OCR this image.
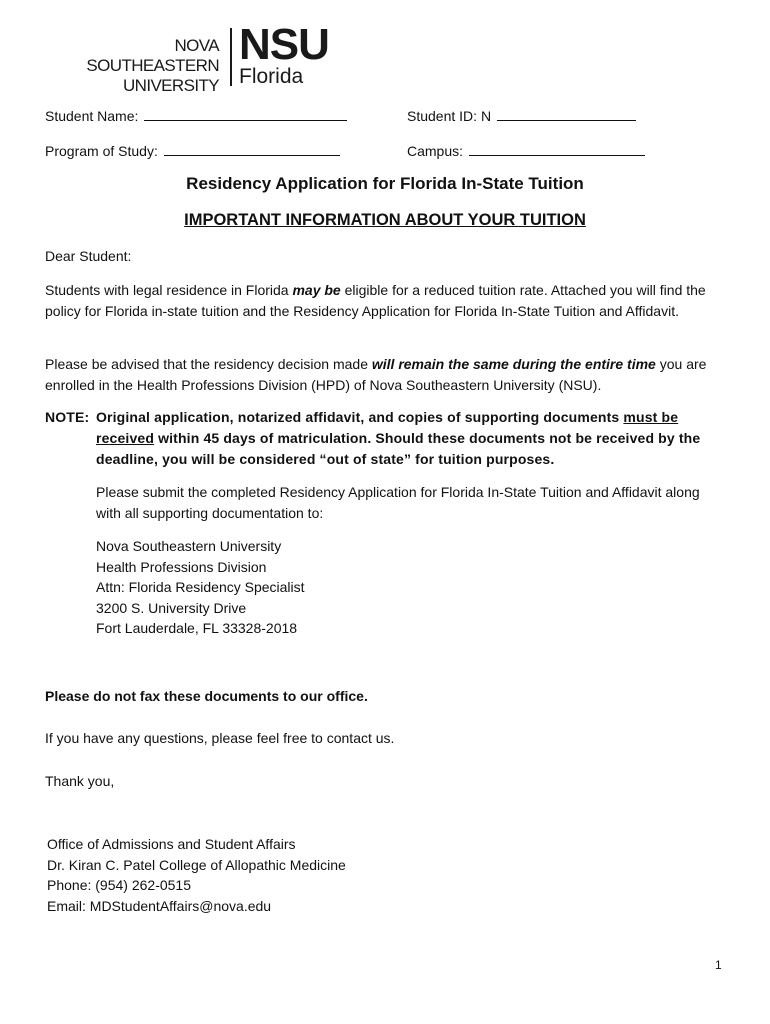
NOVA SOUTHEASTERN
UNIVERSITY
NSU
Florida
Student Name:	Student ID: N
Program of Study:	Campus:
Residency Application for Florida In-State Tuition
IMPORTANT INFORMATION ABOUT YOUR TUITION
Dear Student:
Students with legal residence in Florida may be eligible for a reduced tuition rate. Attached you will find the policy for Florida in-state tuition and the Residency Application for Florida In-State Tuition and Affidavit.
Please be advised that the residency decision made will remain the same during the entire time you are enrolled in the Health Professions Division (HPD) of Nova Southeastern University (NSU).
NOTE: Original application, notarized affidavit, and copies of supporting documents must be received within 45 days of matriculation. Should these documents not be received by the deadline, you will be considered “out of state” for tuition purposes.
Please submit the completed Residency Application for Florida In-State Tuition and Affidavit along with all supporting documentation to:
Nova Southeastern University
Health Professions Division
Attn: Florida Residency Specialist
3200 S. University Drive
Fort Lauderdale, FL 33328-2018
Please do not fax these documents to our office.
If you have any questions, please feel free to contact us.
Thank you,
Office of Admissions and Student Affairs
Dr. Kiran C. Patel College of Allopathic Medicine
Phone: (954) 262-0515
Email: MDStudentAffairs@nova.edu
1
